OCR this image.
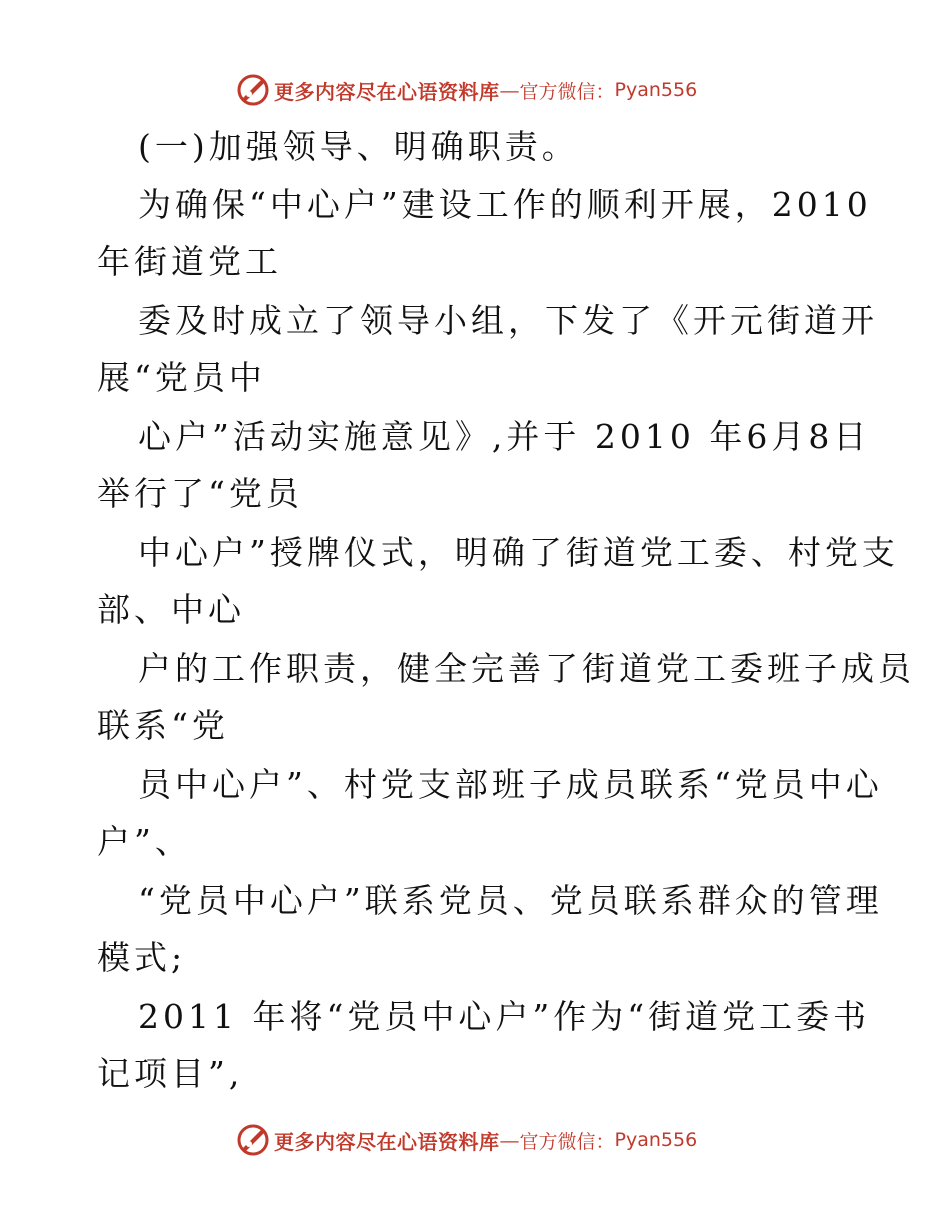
更多内容尽在心语资料库 — 官方微信： Pyan556

(一)加强领导、明确职责。

为确保“中心户”建设工作的顺利开展，2010

年街道党工

委及时成立了领导小组，下发了《开元街道开

展“党员中

心户”活动实施意见》,并于 2010 年6月8日

举行了“党员

中心户”授牌仪式，明确了街道党工委、村党支

部、中心

户的工作职责，健全完善了街道党工委班子成员

联系“党

员中心户”、村党支部班子成员联系“党员中心

户”、

“党员中心户”联系党员、党员联系群众的管理

模式;

2011 年将“党员中心户”作为“街道党工委书

记项目”,

更多内容尽在心语资料库 — 官方微信： Pyan556
